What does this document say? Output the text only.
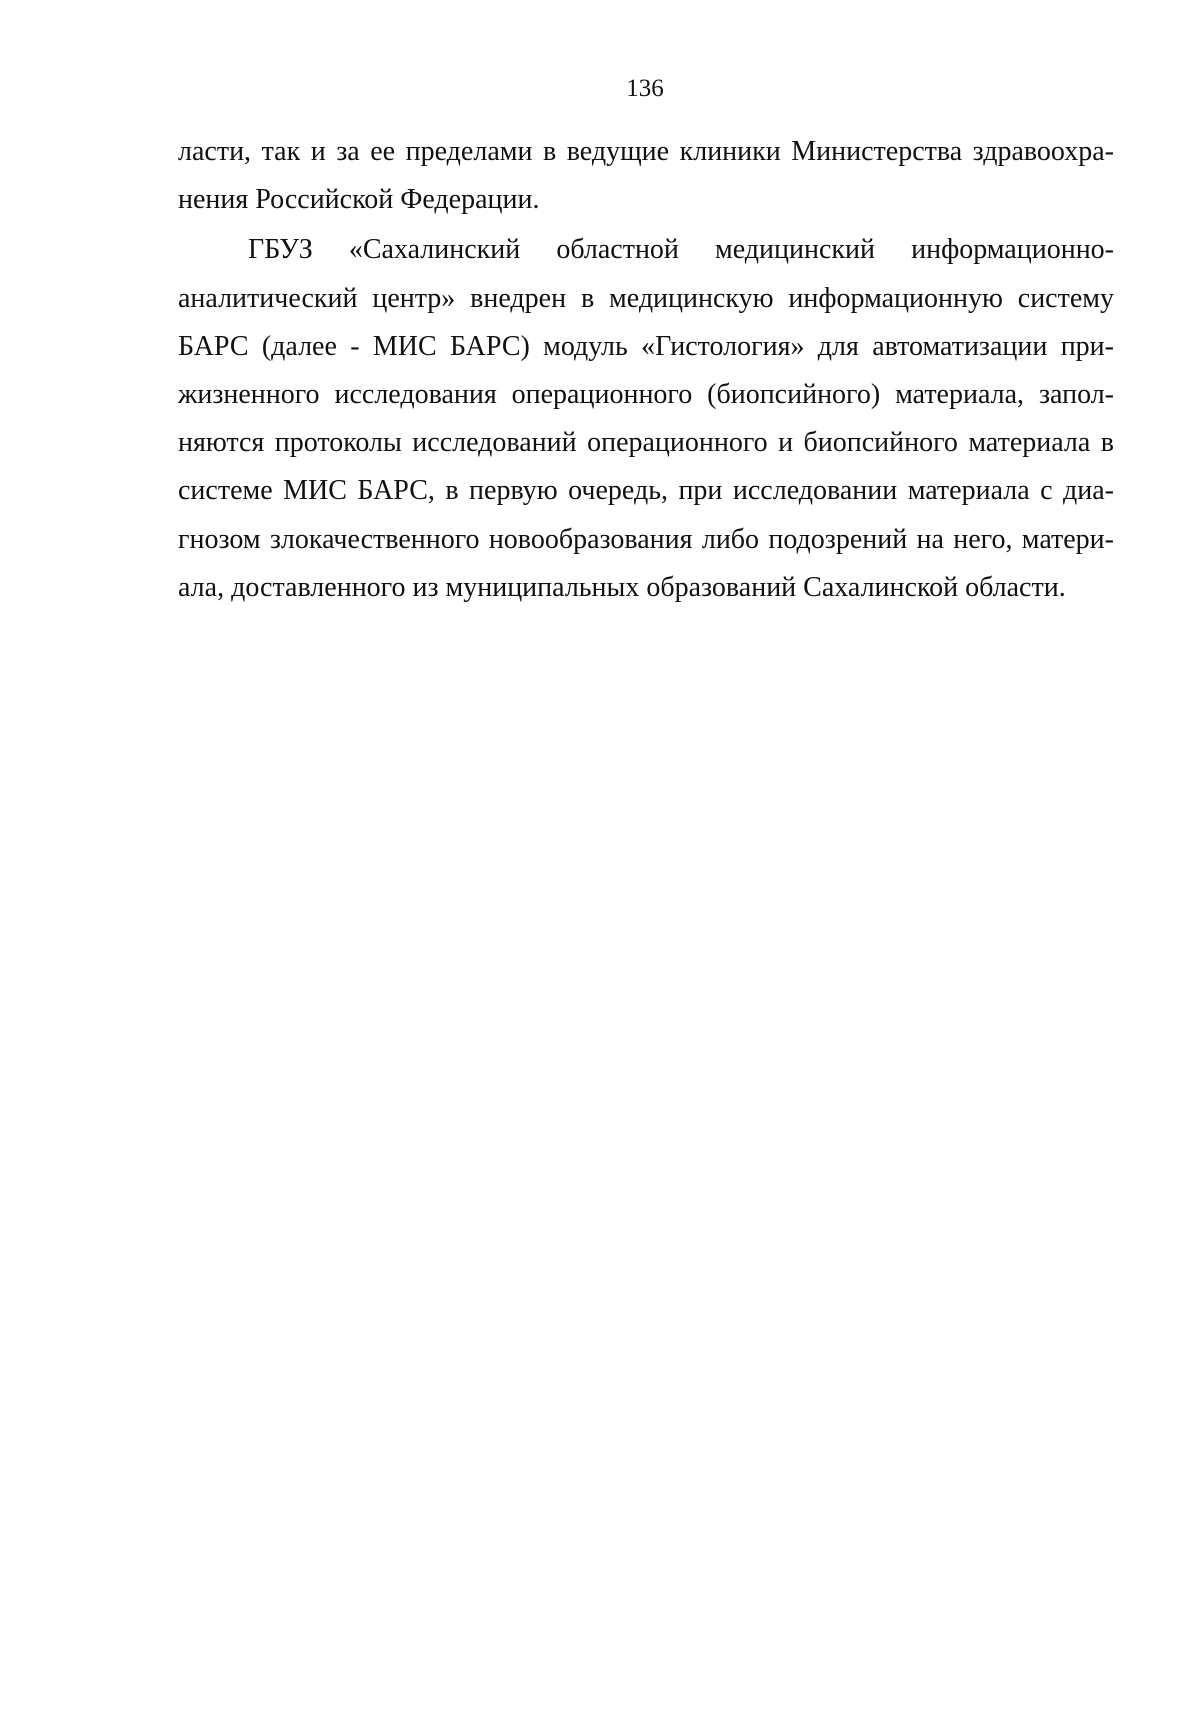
136
ласти, так и за ее пределами в ведущие клиники Министерства здравоохра-
нения Российской Федерации.
ГБУЗ «Сахалинский областной медицинский информационно-
аналитический центр» внедрен в медицинскую информационную систему
БАРС (далее - МИС БАРС) модуль «Гистология» для автоматизации при-
жизненного исследования операционного (биопсийного) материала, запол-
няются протоколы исследований операционного и биопсийного материала в
системе МИС БАРС, в первую очередь, при исследовании материала с диа-
гнозом злокачественного новообразования либо подозрений на него, матери-
ала, доставленного из муниципальных образований Сахалинской области.
